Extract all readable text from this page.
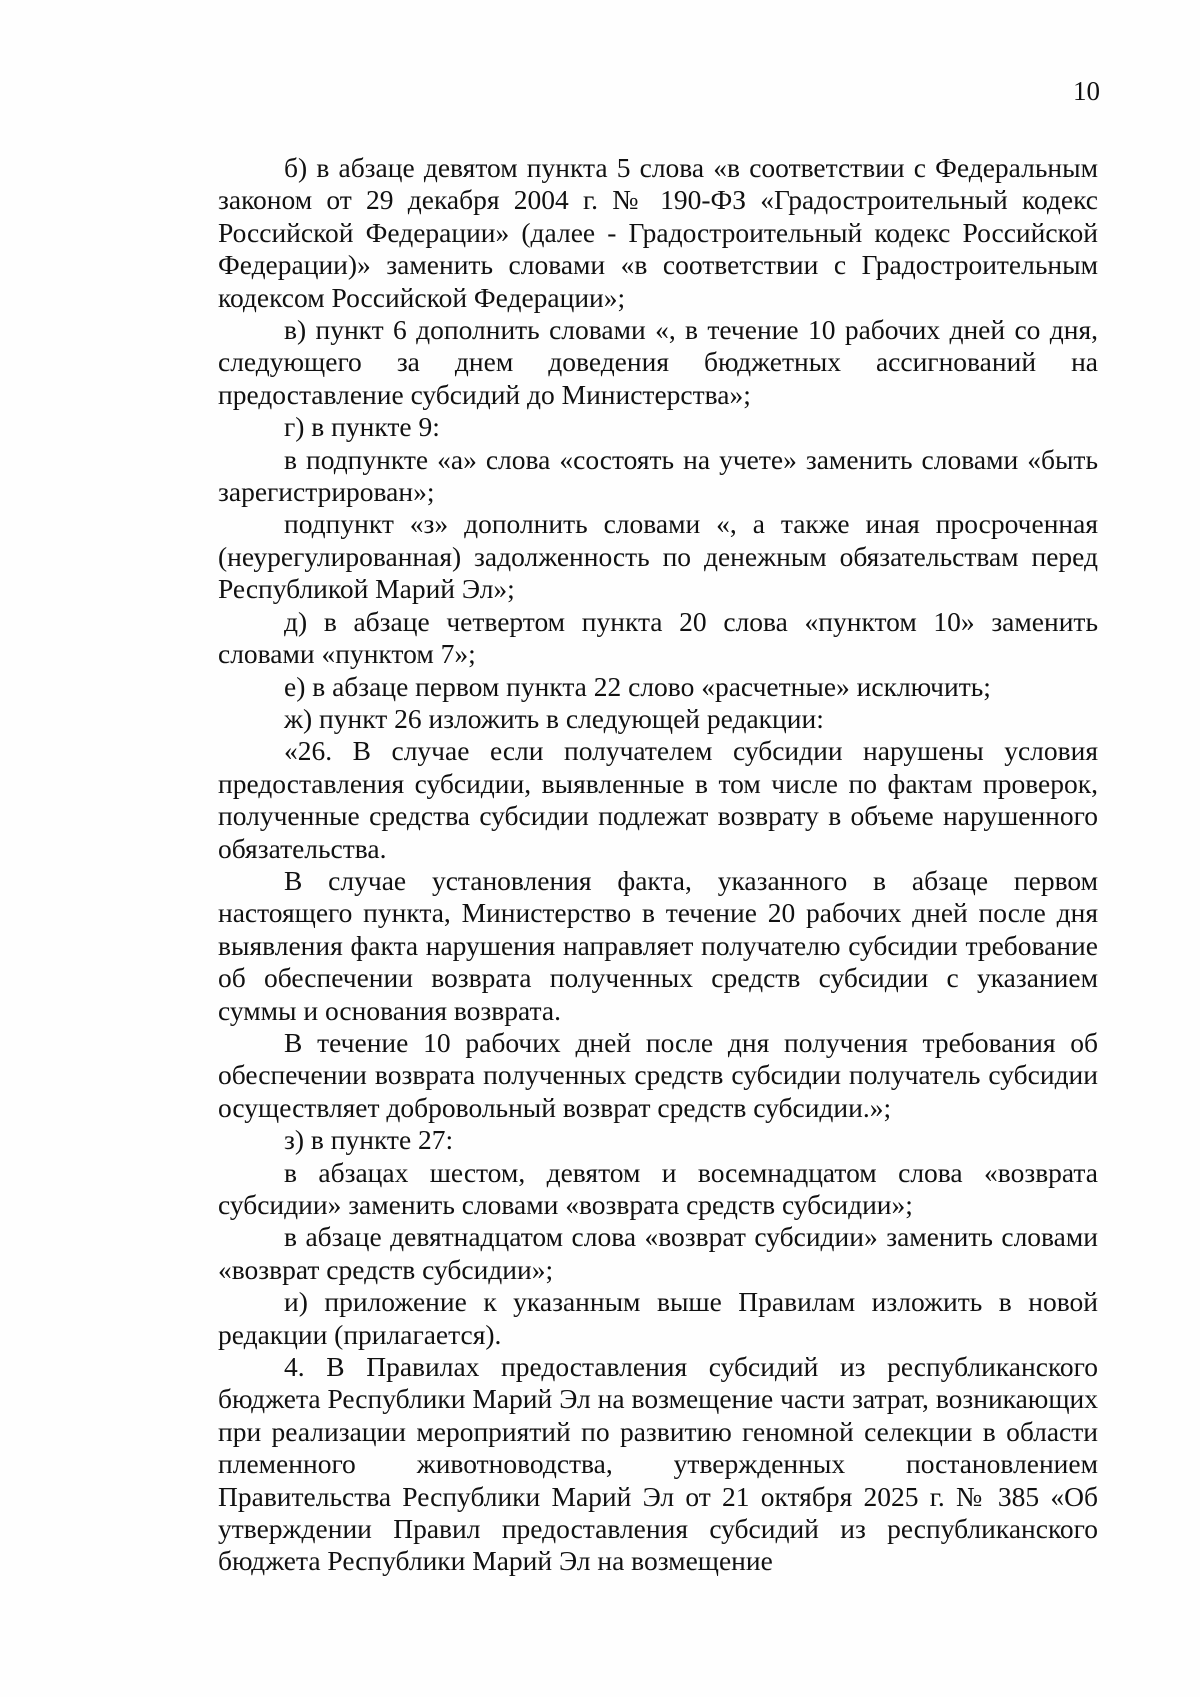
10

б) в абзаце девятом пункта 5 слова «в соответствии с Федеральным законом от 29 декабря 2004 г. № 190-ФЗ «Градостроительный кодекс Российской Федерации» (далее - Градостроительный кодекс Российской Федерации)» заменить словами «в соответствии с Градостроительным кодексом Российской Федерации»;

в) пункт 6 дополнить словами «, в течение 10 рабочих дней со дня, следующего за днем доведения бюджетных ассигнований на предоставление субсидий до Министерства»;

г) в пункте 9:

в подпункте «а» слова «состоять на учете» заменить словами «быть зарегистрирован»;

подпункт «з» дополнить словами «, а также иная просроченная (неурегулированная) задолженность по денежным обязательствам перед Республикой Марий Эл»;

д) в абзаце четвертом пункта 20 слова «пунктом 10» заменить словами «пунктом 7»;

е) в абзаце первом пункта 22 слово «расчетные» исключить;

ж) пункт 26 изложить в следующей редакции:

«26. В случае если получателем субсидии нарушены условия предоставления субсидии, выявленные в том числе по фактам проверок, полученные средства субсидии подлежат возврату в объеме нарушенного обязательства.

В случае установления факта, указанного в абзаце первом настоящего пункта, Министерство в течение 20 рабочих дней после дня выявления факта нарушения направляет получателю субсидии требование об обеспечении возврата полученных средств субсидии с указанием суммы и основания возврата.

В течение 10 рабочих дней после дня получения требования об обеспечении возврата полученных средств субсидии получатель субсидии осуществляет добровольный возврат средств субсидии.»;

з) в пункте 27:

в абзацах шестом, девятом и восемнадцатом слова «возврата субсидии» заменить словами «возврата средств субсидии»;

в абзаце девятнадцатом слова «возврат субсидии» заменить словами «возврат средств субсидии»;

и) приложение к указанным выше Правилам изложить в новой редакции (прилагается).

4. В Правилах предоставления субсидий из республиканского бюджета Республики Марий Эл на возмещение части затрат, возникающих при реализации мероприятий по развитию геномной селекции в области племенного животноводства, утвержденных постановлением Правительства Республики Марий Эл от 21 октября 2025 г. № 385 «Об утверждении Правил предоставления субсидий из республиканского бюджета Республики Марий Эл на возмещение
